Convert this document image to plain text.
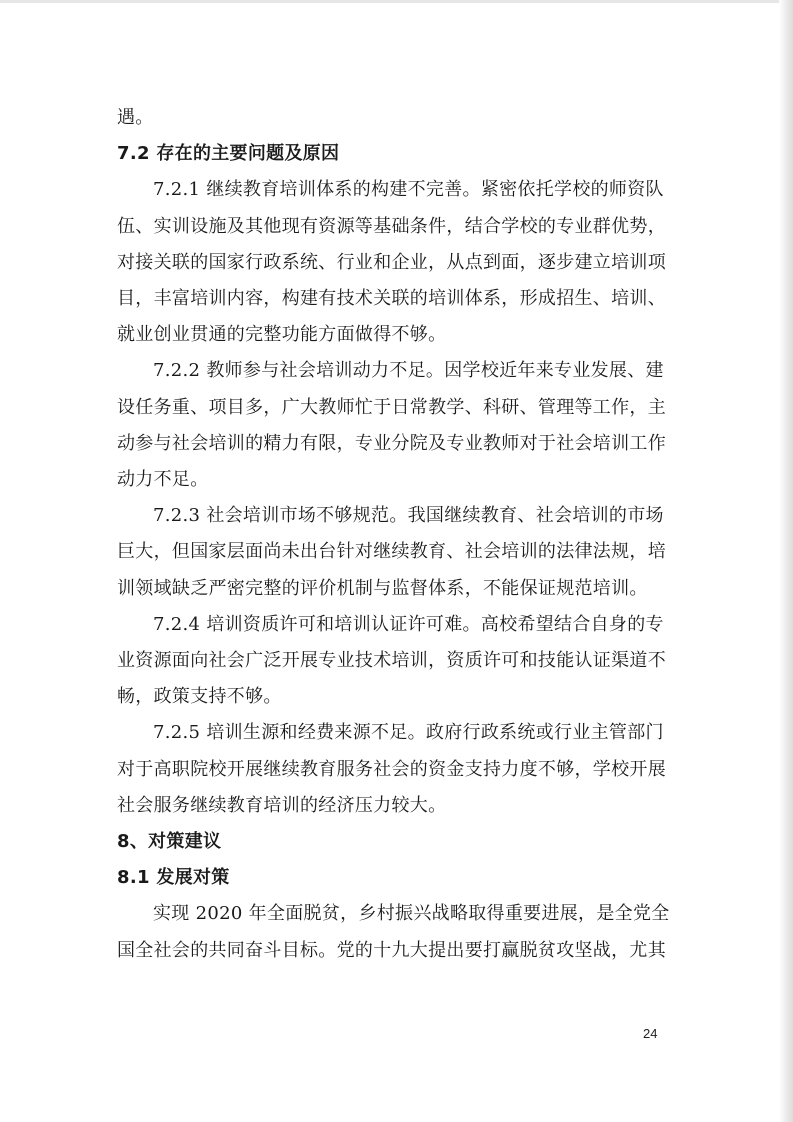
遇。

7.2 存在的主要问题及原因

7.2.1 继续教育培训体系的构建不完善。紧密依托学校的师资队伍、实训设施及其他现有资源等基础条件，结合学校的专业群优势，对接关联的国家行政系统、行业和企业，从点到面，逐步建立培训项目，丰富培训内容，构建有技术关联的培训体系，形成招生、培训、就业创业贯通的完整功能方面做得不够。

7.2.2 教师参与社会培训动力不足。因学校近年来专业发展、建设任务重、项目多，广大教师忙于日常教学、科研、管理等工作，主动参与社会培训的精力有限，专业分院及专业教师对于社会培训工作动力不足。

7.2.3 社会培训市场不够规范。我国继续教育、社会培训的市场巨大，但国家层面尚未出台针对继续教育、社会培训的法律法规，培训领域缺乏严密完整的评价机制与监督体系，不能保证规范培训。

7.2.4 培训资质许可和培训认证许可难。高校希望结合自身的专业资源面向社会广泛开展专业技术培训，资质许可和技能认证渠道不畅，政策支持不够。

7.2.5 培训生源和经费来源不足。政府行政系统或行业主管部门对于高职院校开展继续教育服务社会的资金支持力度不够，学校开展社会服务继续教育培训的经济压力较大。

8、对策建议

8.1 发展对策

实现 2020 年全面脱贫，乡村振兴战略取得重要进展，是全党全国全社会的共同奋斗目标。党的十九大提出要打赢脱贫攻坚战，尤其

24
